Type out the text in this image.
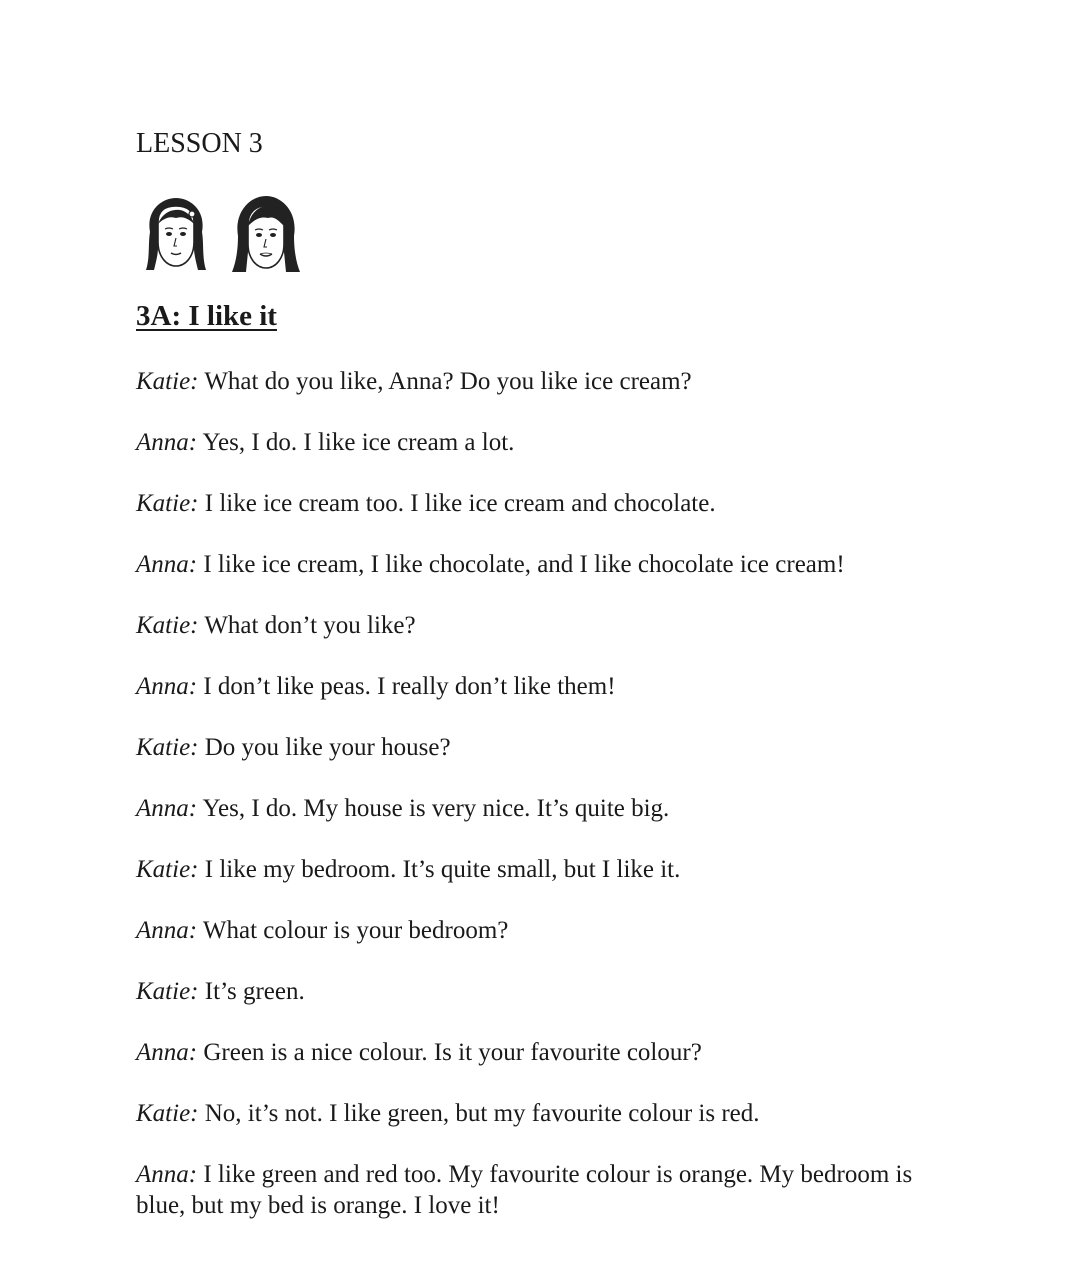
LESSON 3
3A: I like it

Katie: What do you like, Anna? Do you like ice cream?

Anna: Yes, I do. I like ice cream a lot.

Katie: I like ice cream too. I like ice cream and chocolate.

Anna: I like ice cream, I like chocolate, and I like chocolate ice cream!

Katie: What don’t you like?

Anna: I don’t like peas. I really don’t like them!

Katie: Do you like your house?

Anna: Yes, I do. My house is very nice. It’s quite big.

Katie: I like my bedroom. It’s quite small, but I like it.

Anna: What colour is your bedroom?

Katie: It’s green.

Anna: Green is a nice colour. Is it your favourite colour?

Katie: No, it’s not. I like green, but my favourite colour is red.

Anna: I like green and red too. My favourite colour is orange. My bedroom is blue, but my bed is orange. I love it!
